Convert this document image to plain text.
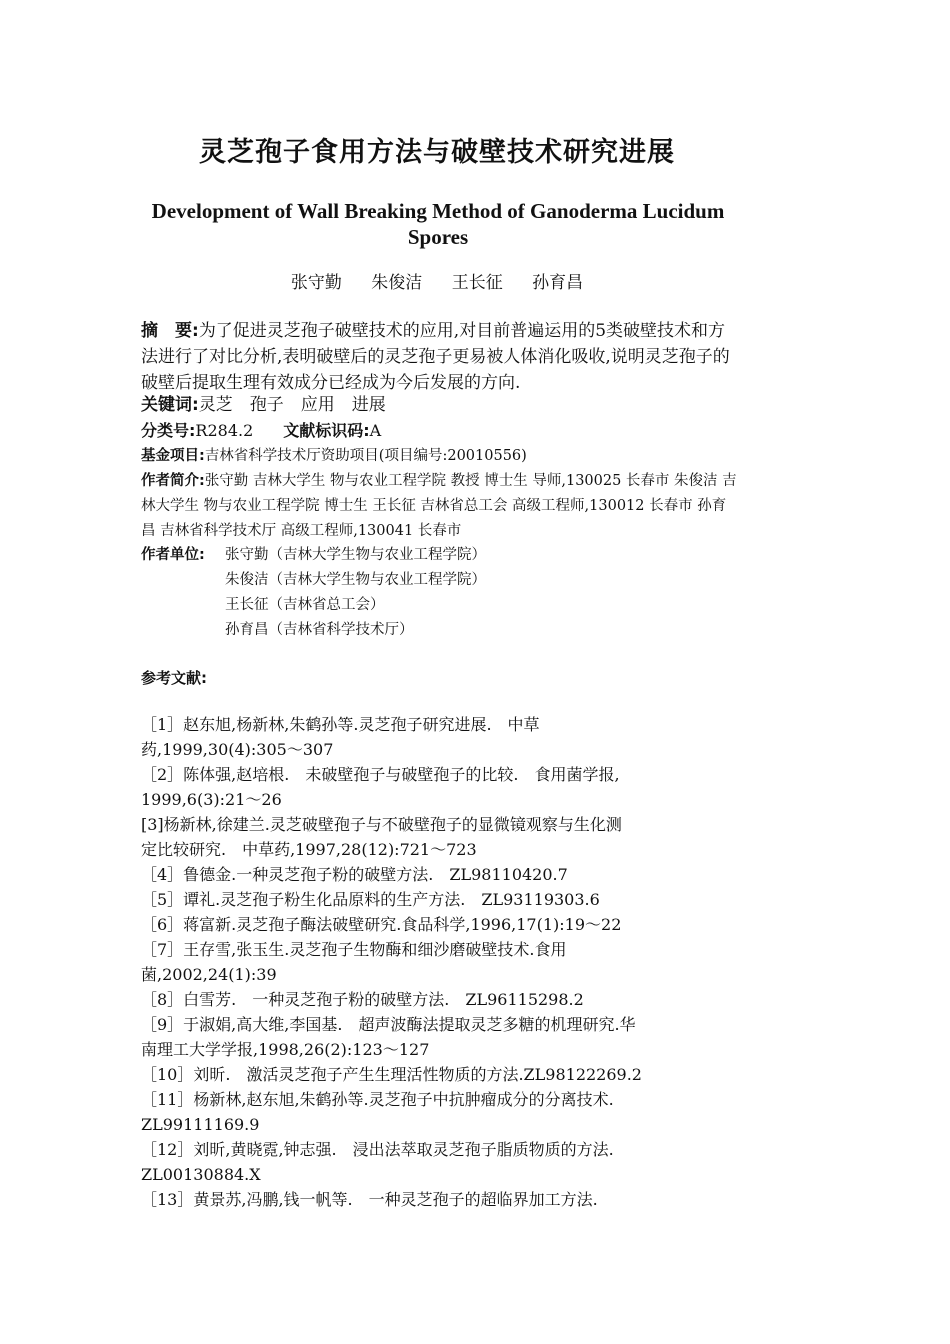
灵芝孢子食用方法与破壁技术研究进展
Development of Wall Breaking Method of Ganoderma Lucidum Spores
张守勤 朱俊洁 王长征 孙育昌
摘　要:为了促进灵芝孢子破壁技术的应用,对目前普遍运用的5类破壁技术和方法进行了对比分析,表明破壁后的灵芝孢子更易被人体消化吸收,说明灵芝孢子的破壁后提取生理有效成分已经成为今后发展的方向.
关键词:灵芝　孢子　应用　进展
分类号:R284.2 文献标识码:A
基金项目:吉林省科学技术厅资助项目(项目编号:20010556)
作者简介:张守勤 吉林大学生 物与农业工程学院 教授 博士生 导师,130025 长春市 朱俊洁 吉林大学生 物与农业工程学院 博士生 王长征 吉林省总工会 高级工程师,130012 长春市 孙育昌 吉林省科学技术厅 高级工程师,130041 长春市
作者单位: 张守勤（吉林大学生物与农业工程学院）
朱俊洁（吉林大学生物与农业工程学院）
王长征（吉林省总工会）
孙育昌（吉林省科学技术厅）
参考文献:
［1］赵东旭,杨新林,朱鹤孙等.灵芝孢子研究进展.　中草
药,1999,30(4):305～307
［2］陈体强,赵培根.　未破壁孢子与破壁孢子的比较.　食用菌学报,
1999,6(3):21～26
[3]杨新林,徐建兰.灵芝破壁孢子与不破壁孢子的显微镜观察与生化测
定比较研究.　中草药,1997,28(12):721～723
［4］鲁德金.一种灵芝孢子粉的破壁方法.　ZL98110420.7
［5］谭礼.灵芝孢子粉生化品原料的生产方法.　ZL93119303.6
［6］蒋富新.灵芝孢子酶法破壁研究.食品科学,1996,17(1):19～22
［7］王存雪,张玉生.灵芝孢子生物酶和细沙磨破壁技术.食用
菌,2002,24(1):39
［8］白雪芳.　一种灵芝孢子粉的破壁方法.　ZL96115298.2
［9］于淑娟,高大维,李国基.　超声波酶法提取灵芝多糖的机理研究.华
南理工大学学报,1998,26(2):123～127
［10］刘昕.　激活灵芝孢子产生生理活性物质的方法.ZL98122269.2
［11］杨新林,赵东旭,朱鹤孙等.灵芝孢子中抗肿瘤成分的分离技术.
ZL99111169.9
［12］刘昕,黄晓霓,钟志强.　浸出法萃取灵芝孢子脂质物质的方法.
ZL00130884.X
［13］黄景苏,冯鹏,钱一帆等.　一种灵芝孢子的超临界加工方法.
